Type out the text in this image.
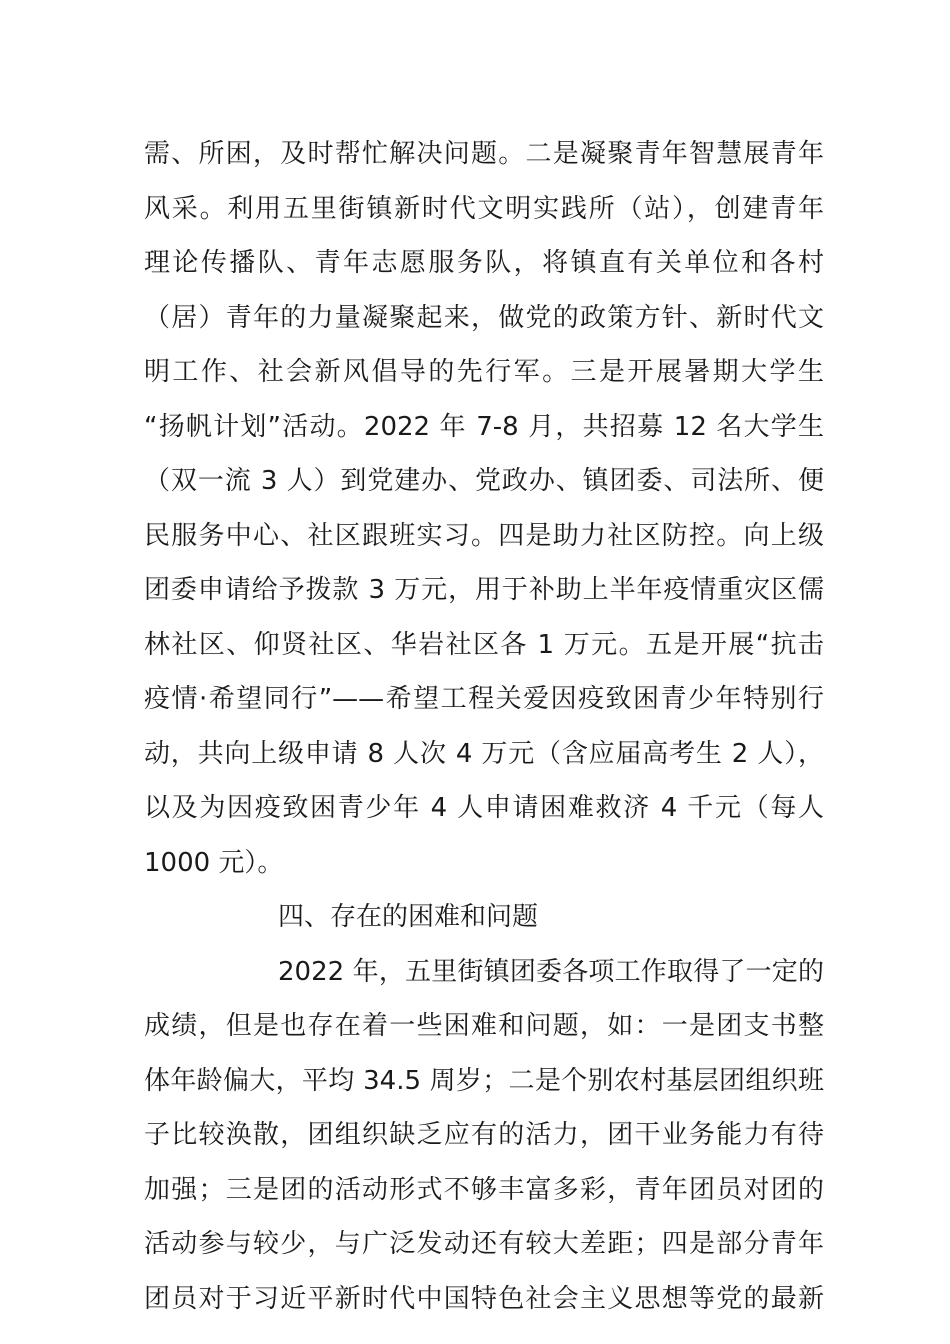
需、所困，及时帮忙解决问题。二是凝聚青年智慧展青年
风采。利用五里街镇新时代文明实践所（站），创建青年
理论传播队、青年志愿服务队，将镇直有关单位和各村
（居）青年的力量凝聚起来，做党的政策方针、新时代文
明工作、社会新风倡导的先行军。三是开展暑期大学生
“扬帆计划”活动。2022 年 7-8 月，共招募 12 名大学生
（双一流 3 人）到党建办、党政办、镇团委、司法所、便
民服务中心、社区跟班实习。四是助力社区防控。向上级
团委申请给予拨款 3 万元，用于补助上半年疫情重灾区儒
林社区、仰贤社区、华岩社区各 1 万元。五是开展“抗击
疫情·希望同行”——希望工程关爱因疫致困青少年特别行
动，共向上级申请 8 人次 4 万元（含应届高考生 2 人），
以及为因疫致困青少年 4 人申请困难救济 4 千元（每人
1000 元）。
四、存在的困难和问题
2022 年，五里街镇团委各项工作取得了一定的
成绩，但是也存在着一些困难和问题，如：一是团支书整
体年龄偏大，平均 34.5 周岁；二是个别农村基层团组织班
子比较涣散，团组织缺乏应有的活力，团干业务能力有待
加强；三是团的活动形式不够丰富多彩，青年团员对团的
活动参与较少，与广泛发动还有较大差距；四是部分青年
团员对于习近平新时代中国特色社会主义思想等党的最新
